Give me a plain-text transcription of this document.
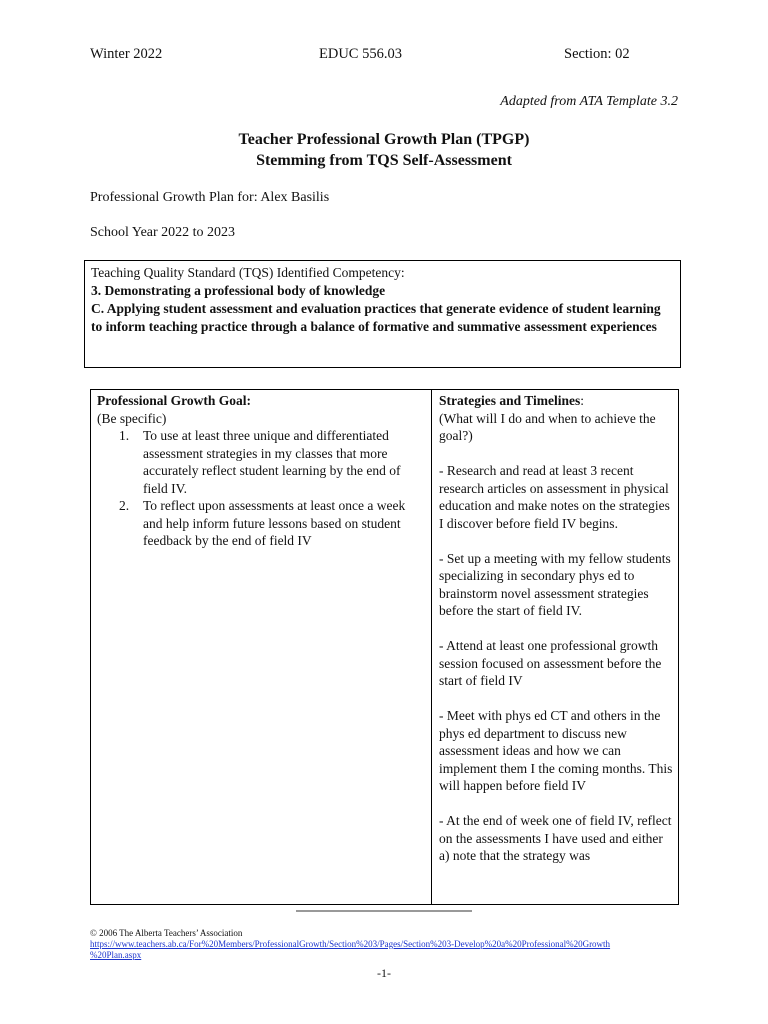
Winter 2022	EDUC 556.03	Section: 02
Adapted from ATA Template 3.2
Teacher Professional Growth Plan (TPGP)
Stemming from TQS Self-Assessment
Professional Growth Plan for: Alex Basilis
School Year 2022 to 2023
Teaching Quality Standard (TQS) Identified Competency:
3. Demonstrating a professional body of knowledge
C. Applying student assessment and evaluation practices that generate evidence of student learning to inform teaching practice through a balance of formative and summative assessment experiences
Professional Growth Goal:
(Be specific)
1. To use at least three unique and differentiated assessment strategies in my classes that more accurately reflect student learning by the end of field IV.
2. To reflect upon assessments at least once a week and help inform future lessons based on student feedback by the end of field IV
Strategies and Timelines:
(What will I do and when to achieve the goal?)
- Research and read at least 3 recent research articles on assessment in physical education and make notes on the strategies I discover before field IV begins.
- Set up a meeting with my fellow students specializing in secondary phys ed to brainstorm novel assessment strategies before the start of field IV.
- Attend at least one professional growth session focused on assessment before the start of field IV
- Meet with phys ed CT and others in the phys ed department to discuss new assessment ideas and how we can implement them I the coming months. This will happen before field IV
- At the end of week one of field IV, reflect on the assessments I have used and either a) note that the strategy was
© 2006 The Alberta Teachers’ Association
https://www.teachers.ab.ca/For%20Members/ProfessionalGrowth/Section%203/Pages/Section%203-Develop%20a%20Professional%20Growth
%20Plan.aspx
-1-
